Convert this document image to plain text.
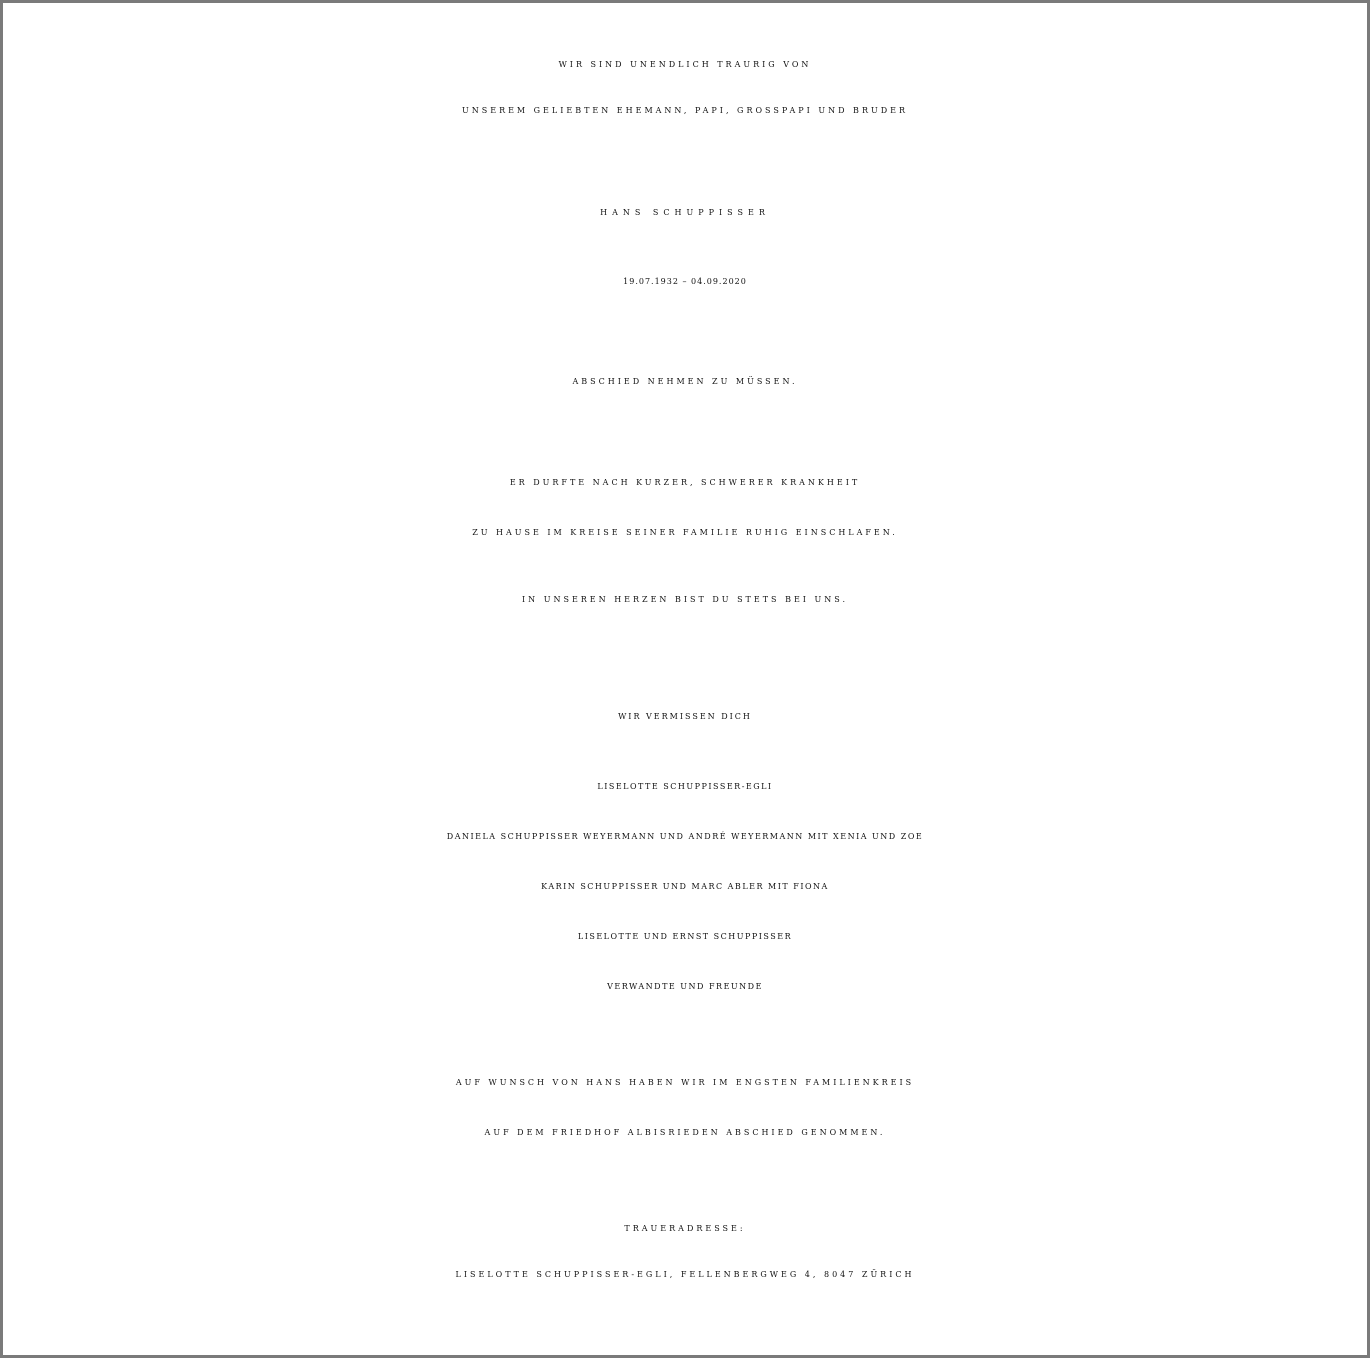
WIR SIND UNENDLICH TRAURIG VON
UNSEREM GELIEBTEN EHEMANN, PAPI, GROSSPAPI UND BRUDER
HANS SCHUPPISSER
19.07.1932 – 04.09.2020
ABSCHIED NEHMEN ZU MÜSSEN.
ER DURFTE NACH KURZER, SCHWERER KRANKHEIT
ZU HAUSE IM KREISE SEINER FAMILIE RUHIG EINSCHLAFEN.
IN UNSEREN HERZEN BIST DU STETS BEI UNS.
WIR VERMISSEN DICH
LISELOTTE SCHUPPISSER-EGLI
DANIELA SCHUPPISSER WEYERMANN UND ANDRÉ WEYERMANN MIT XENIA UND ZOE
KARIN SCHUPPISSER UND MARC ABLER MIT FIONA
LISELOTTE UND ERNST SCHUPPISSER
VERWANDTE UND FREUNDE
AUF WUNSCH VON HANS HABEN WIR IM ENGSTEN FAMILIENKREIS
AUF DEM FRIEDHOF ALBISRIEDEN ABSCHIED GENOMMEN.
TRAUERADRESSE:
LISELOTTE SCHUPPISSER-EGLI, FELLENBERGWEG 4, 8047 ZÜRICH
